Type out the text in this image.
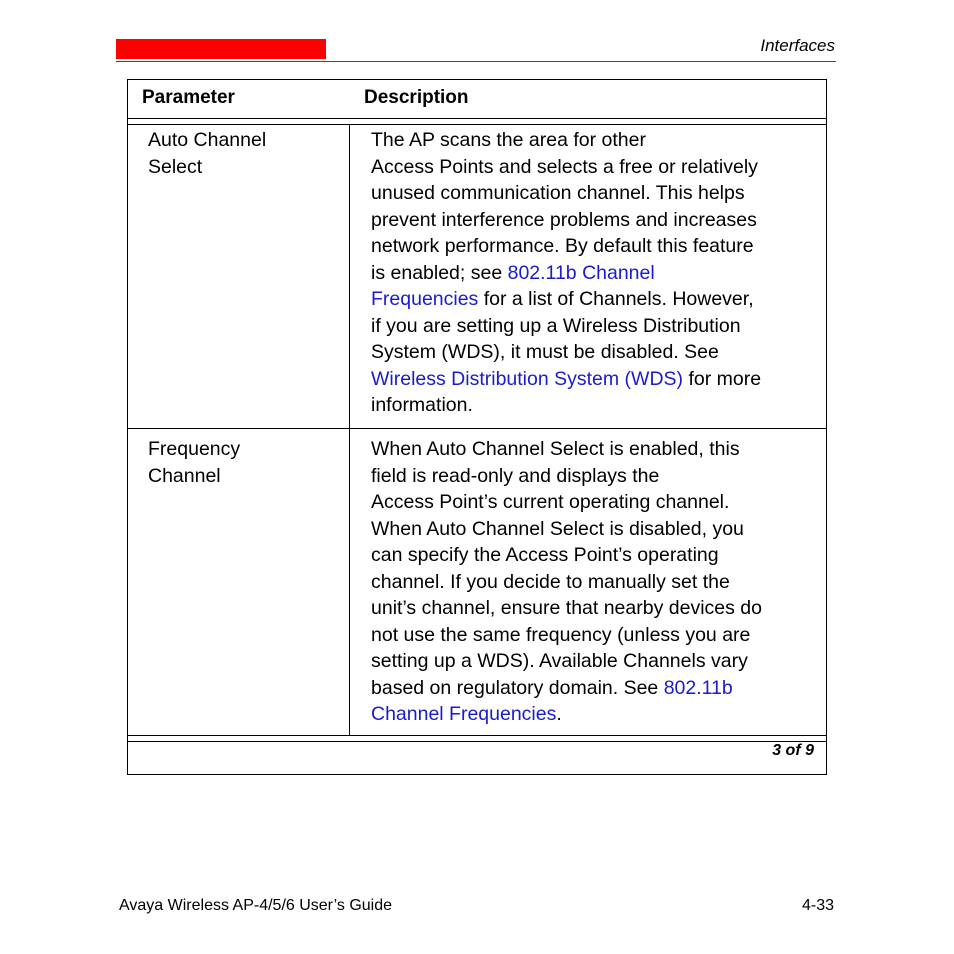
Interfaces
Parameter	Description
Auto Channel
Select
The AP scans the area for other
Access Points and selects a free or relatively
unused communication channel. This helps
prevent interference problems and increases
network performance. By default this feature
is enabled; see 802.11b Channel
Frequencies for a list of Channels. However,
if you are setting up a Wireless Distribution
System (WDS), it must be disabled. See
Wireless Distribution System (WDS) for more
information.
Frequency
Channel
When Auto Channel Select is enabled, this
field is read-only and displays the
Access Point’s current operating channel.
When Auto Channel Select is disabled, you
can specify the Access Point’s operating
channel. If you decide to manually set the
unit’s channel, ensure that nearby devices do
not use the same frequency (unless you are
setting up a WDS). Available Channels vary
based on regulatory domain. See 802.11b
Channel Frequencies.
3 of 9
Avaya Wireless AP-4/5/6 User’s Guide	4-33
